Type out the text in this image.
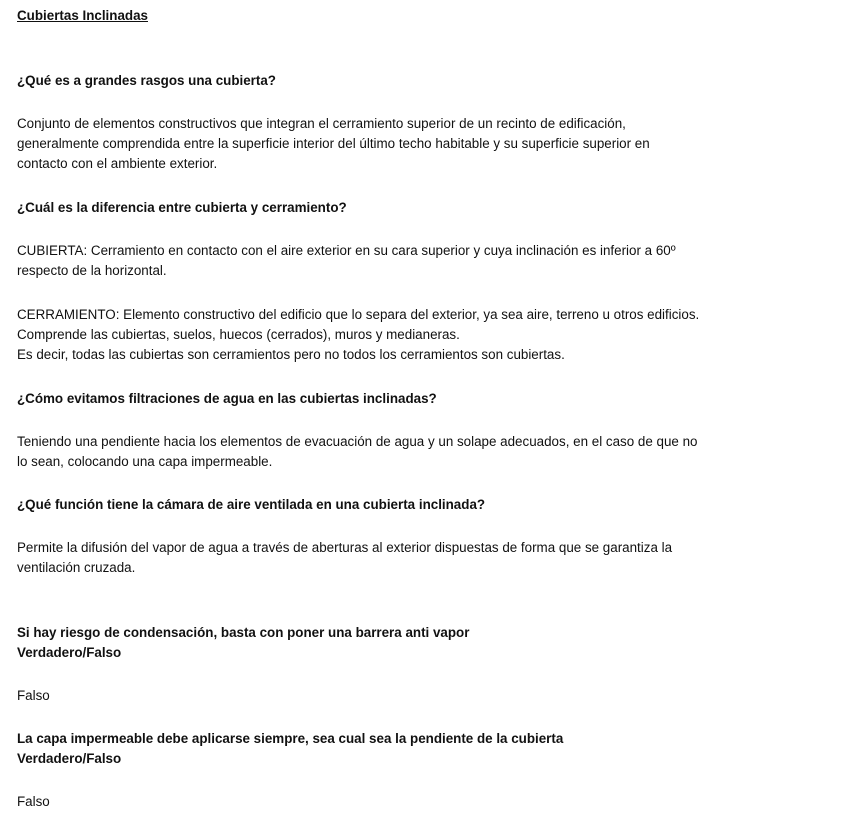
Cubiertas Inclinadas
¿Qué es a grandes rasgos una cubierta?
Conjunto de elementos constructivos que integran el cerramiento superior de un recinto de edificación,
generalmente comprendida entre la superficie interior del último techo habitable y su superficie superior en
contacto con el ambiente exterior.
¿Cuál es la diferencia entre cubierta y cerramiento?
CUBIERTA: Cerramiento en contacto con el aire exterior en su cara superior y cuya inclinación es inferior a 60º
respecto de la horizontal.
CERRAMIENTO: Elemento constructivo del edificio que lo separa del exterior, ya sea aire, terreno u otros edificios.
Comprende las cubiertas, suelos, huecos (cerrados), muros y medianeras.
Es decir, todas las cubiertas son cerramientos pero no todos los cerramientos son cubiertas.
¿Cómo evitamos filtraciones de agua en las cubiertas inclinadas?
Teniendo una pendiente hacia los elementos de evacuación de agua y un solape adecuados, en el caso de que no
lo sean, colocando una capa impermeable.
¿Qué función tiene la cámara de aire ventilada en una cubierta inclinada?
Permite la difusión del vapor de agua a través de aberturas al exterior dispuestas de forma que se garantiza la
ventilación cruzada.
Si hay riesgo de condensación, basta con poner una barrera anti vapor
Verdadero/Falso
Falso
La capa impermeable debe aplicarse siempre, sea cual sea la pendiente de la cubierta
Verdadero/Falso
Falso
